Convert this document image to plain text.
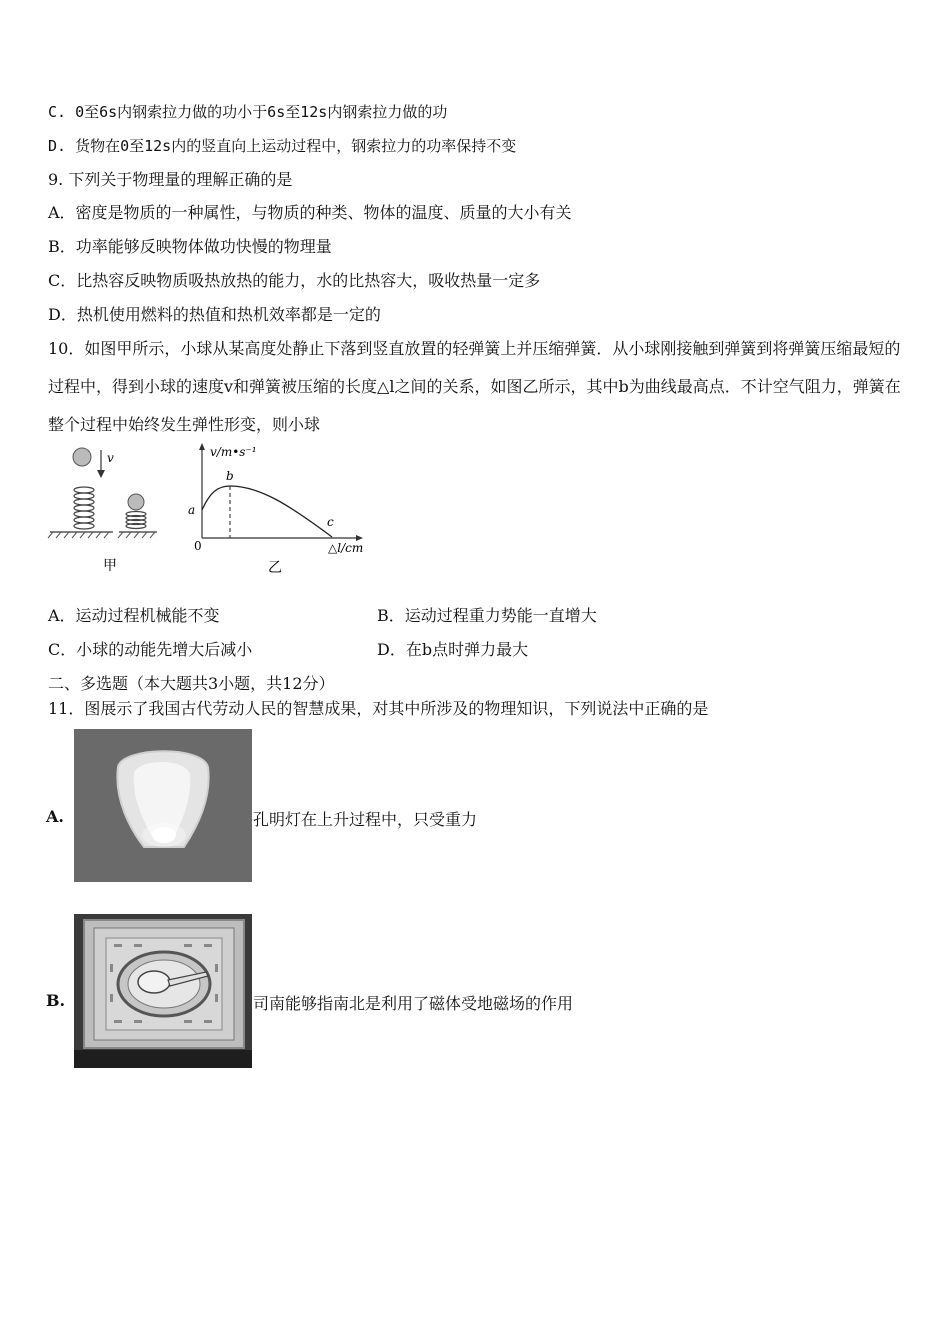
C. 0至6s内钢索拉力做的功小于6s至12s内钢索拉力做的功
D. 货物在0至12s内的竖直向上运动过程中，钢索拉力的功率保持不变
9. 下列关于物理量的理解正确的是
A．密度是物质的一种属性，与物质的种类、物体的温度、质量的大小有关
B．功率能够反映物体做功快慢的物理量
C．比热容反映物质吸热放热的能力，水的比热容大，吸收热量一定多
D．热机使用燃料的热值和热机效率都是一定的
10．如图甲所示，小球从某高度处静止下落到竖直放置的轻弹簧上并压缩弹簧．从小球刚接触到弹簧到将弹簧压缩最短的过程中，得到小球的速度v和弹簧被压缩的长度△l之间的关系，如图乙所示，其中b为曲线最高点．不计空气阻力，弹簧在整个过程中始终发生弹性形变，则小球
v
甲
v/m•s⁻¹
△l/cm
0
a
b
c
乙
A．运动过程机械能不变	B．运动过程重力势能一直增大
C．小球的动能先增大后减小	D．在b点时弹力最大
二、多选题（本大题共3小题，共12分）
11．图展示了我国古代劳动人民的智慧成果，对其中所涉及的物理知识，下列说法中正确的是
A.	孔明灯在上升过程中，只受重力
B.	司南能够指南北是利用了磁体受地磁场的作用
